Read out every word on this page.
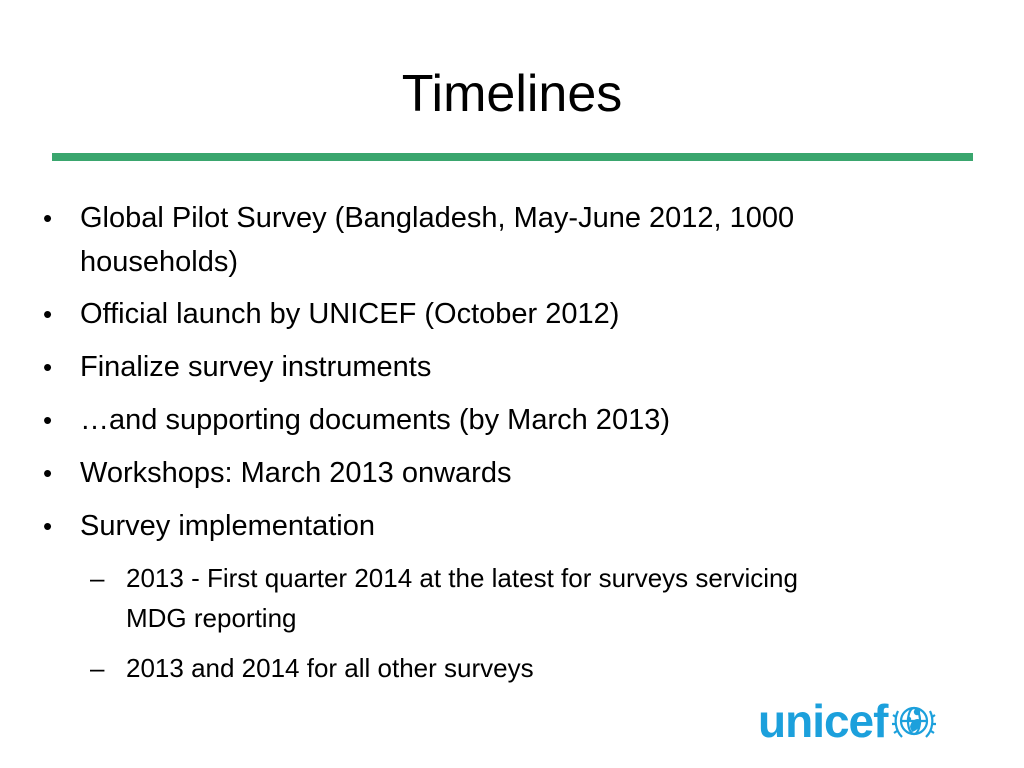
Timelines
• Global Pilot Survey (Bangladesh, May-June 2012, 1000
households)
• Official launch by UNICEF (October 2012)
• Finalize survey instruments
• …and supporting documents (by March 2013)
• Workshops: March 2013 onwards
• Survey implementation
– 2013 - First quarter 2014 at the latest for surveys servicing
MDG reporting
– 2013 and 2014 for all other surveys
unicef
